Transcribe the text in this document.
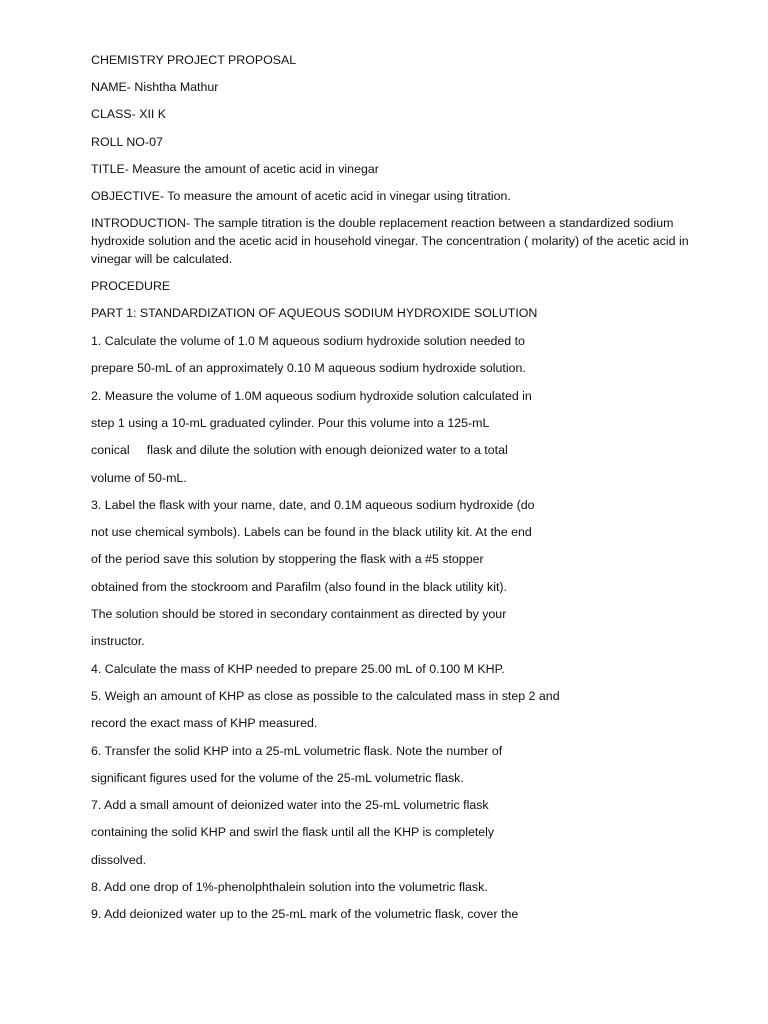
CHEMISTRY PROJECT PROPOSAL

NAME- Nishtha Mathur

CLASS- XII K

ROLL NO-07

TITLE- Measure the amount of acetic acid in vinegar

OBJECTIVE- To measure the amount of acetic acid in vinegar using titration.

INTRODUCTION- The sample titration is the double replacement reaction between a standardized sodium hydroxide solution and the acetic acid in household vinegar. The concentration ( molarity) of the acetic acid in vinegar will be calculated.

PROCEDURE

PART 1: STANDARDIZATION OF AQUEOUS SODIUM HYDROXIDE SOLUTION

1. Calculate the volume of 1.0 M aqueous sodium hydroxide solution needed to

prepare 50-mL of an approximately 0.10 M aqueous sodium hydroxide solution.

2. Measure the volume of 1.0M aqueous sodium hydroxide solution calculated in

step 1 using a 10-mL graduated cylinder. Pour this volume into a 125-mL

conical     flask and dilute the solution with enough deionized water to a total

volume of 50-mL.

3. Label the flask with your name, date, and 0.1M aqueous sodium hydroxide (do

not use chemical symbols). Labels can be found in the black utility kit. At the end

of the period save this solution by stoppering the flask with a #5 stopper

obtained from the stockroom and Parafilm (also found in the black utility kit).

The solution should be stored in secondary containment as directed by your

instructor.

4. Calculate the mass of KHP needed to prepare 25.00 mL of 0.100 M KHP.

5. Weigh an amount of KHP as close as possible to the calculated mass in step 2 and

record the exact mass of KHP measured.

6. Transfer the solid KHP into a 25-mL volumetric flask. Note the number of

significant figures used for the volume of the 25-mL volumetric flask.

7. Add a small amount of deionized water into the 25-mL volumetric flask

containing the solid KHP and swirl the flask until all the KHP is completely

dissolved.

8. Add one drop of 1%-phenolphthalein solution into the volumetric flask.

9. Add deionized water up to the 25-mL mark of the volumetric flask, cover the
